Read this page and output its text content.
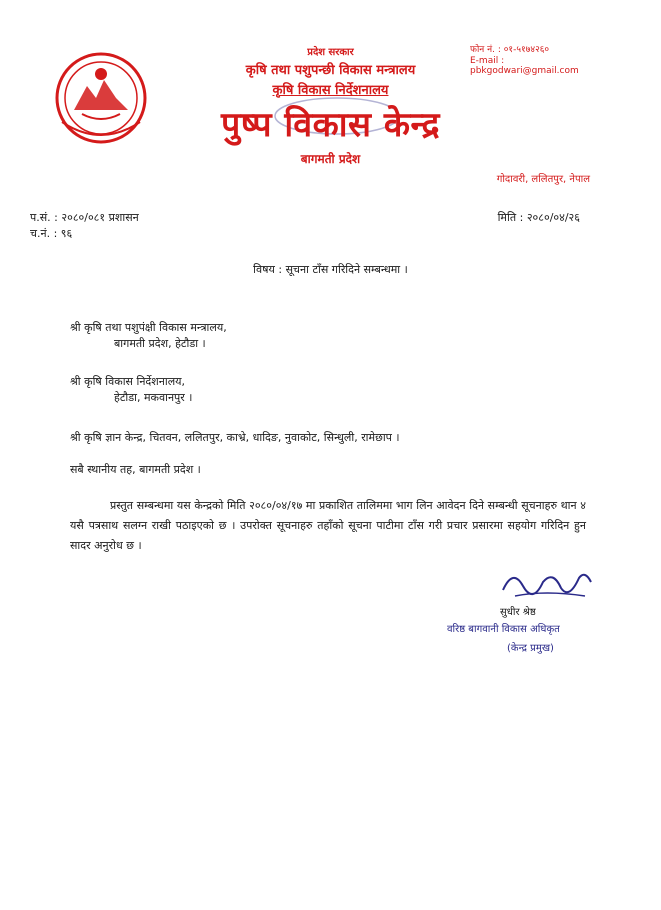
प्रदेश सरकार
कृषि तथा पशुपन्छी विकास मन्त्रालय
कृषि विकास निर्देशनालय
पुष्प विकास केन्द्र
बागमती प्रदेश
फोन नं. : ०१-५१७४२६०
E-mail : pbkgodwari@gmail.com
गोदावरी, ललितपुर, नेपाल
प.सं. : २०८०/०८१ प्रशासन
च.नं. : ९६
मिति : २०८०/०४/२६
विषय : सूचना टाँस गरिदिने सम्बन्धमा ।
श्री कृषि तथा पशुपंक्षी विकास मन्त्रालय,
बागमती प्रदेश, हेटौडा ।
श्री कृषि विकास निर्देशनालय,
हेटौडा, मकवानपुर ।
श्री कृषि ज्ञान केन्द्र, चितवन, ललितपुर, काभ्रे, धादिङ, नुवाकोट, सिन्धुली, रामेछाप ।
सबै स्थानीय तह, बागमती प्रदेश ।
प्रस्तुत सम्बन्धमा यस केन्द्रको मिति २०८०/०४/१७ मा प्रकाशित तालिममा भाग लिन आवेदन दिने सम्बन्धी सूचनाहरु थान ४ यसै पत्रसाथ सलग्न राखी पठाइएको छ । उपरोक्त सूचनाहरु तहाँको सूचना पाटीमा टाँस गरी प्रचार प्रसारमा सहयोग गरिदिन हुन सादर अनुरोध छ ।
सुधीर श्रेष्ठ
वरिष्ठ बागवानी विकास अधिकृत
(केन्द्र प्रमुख)
